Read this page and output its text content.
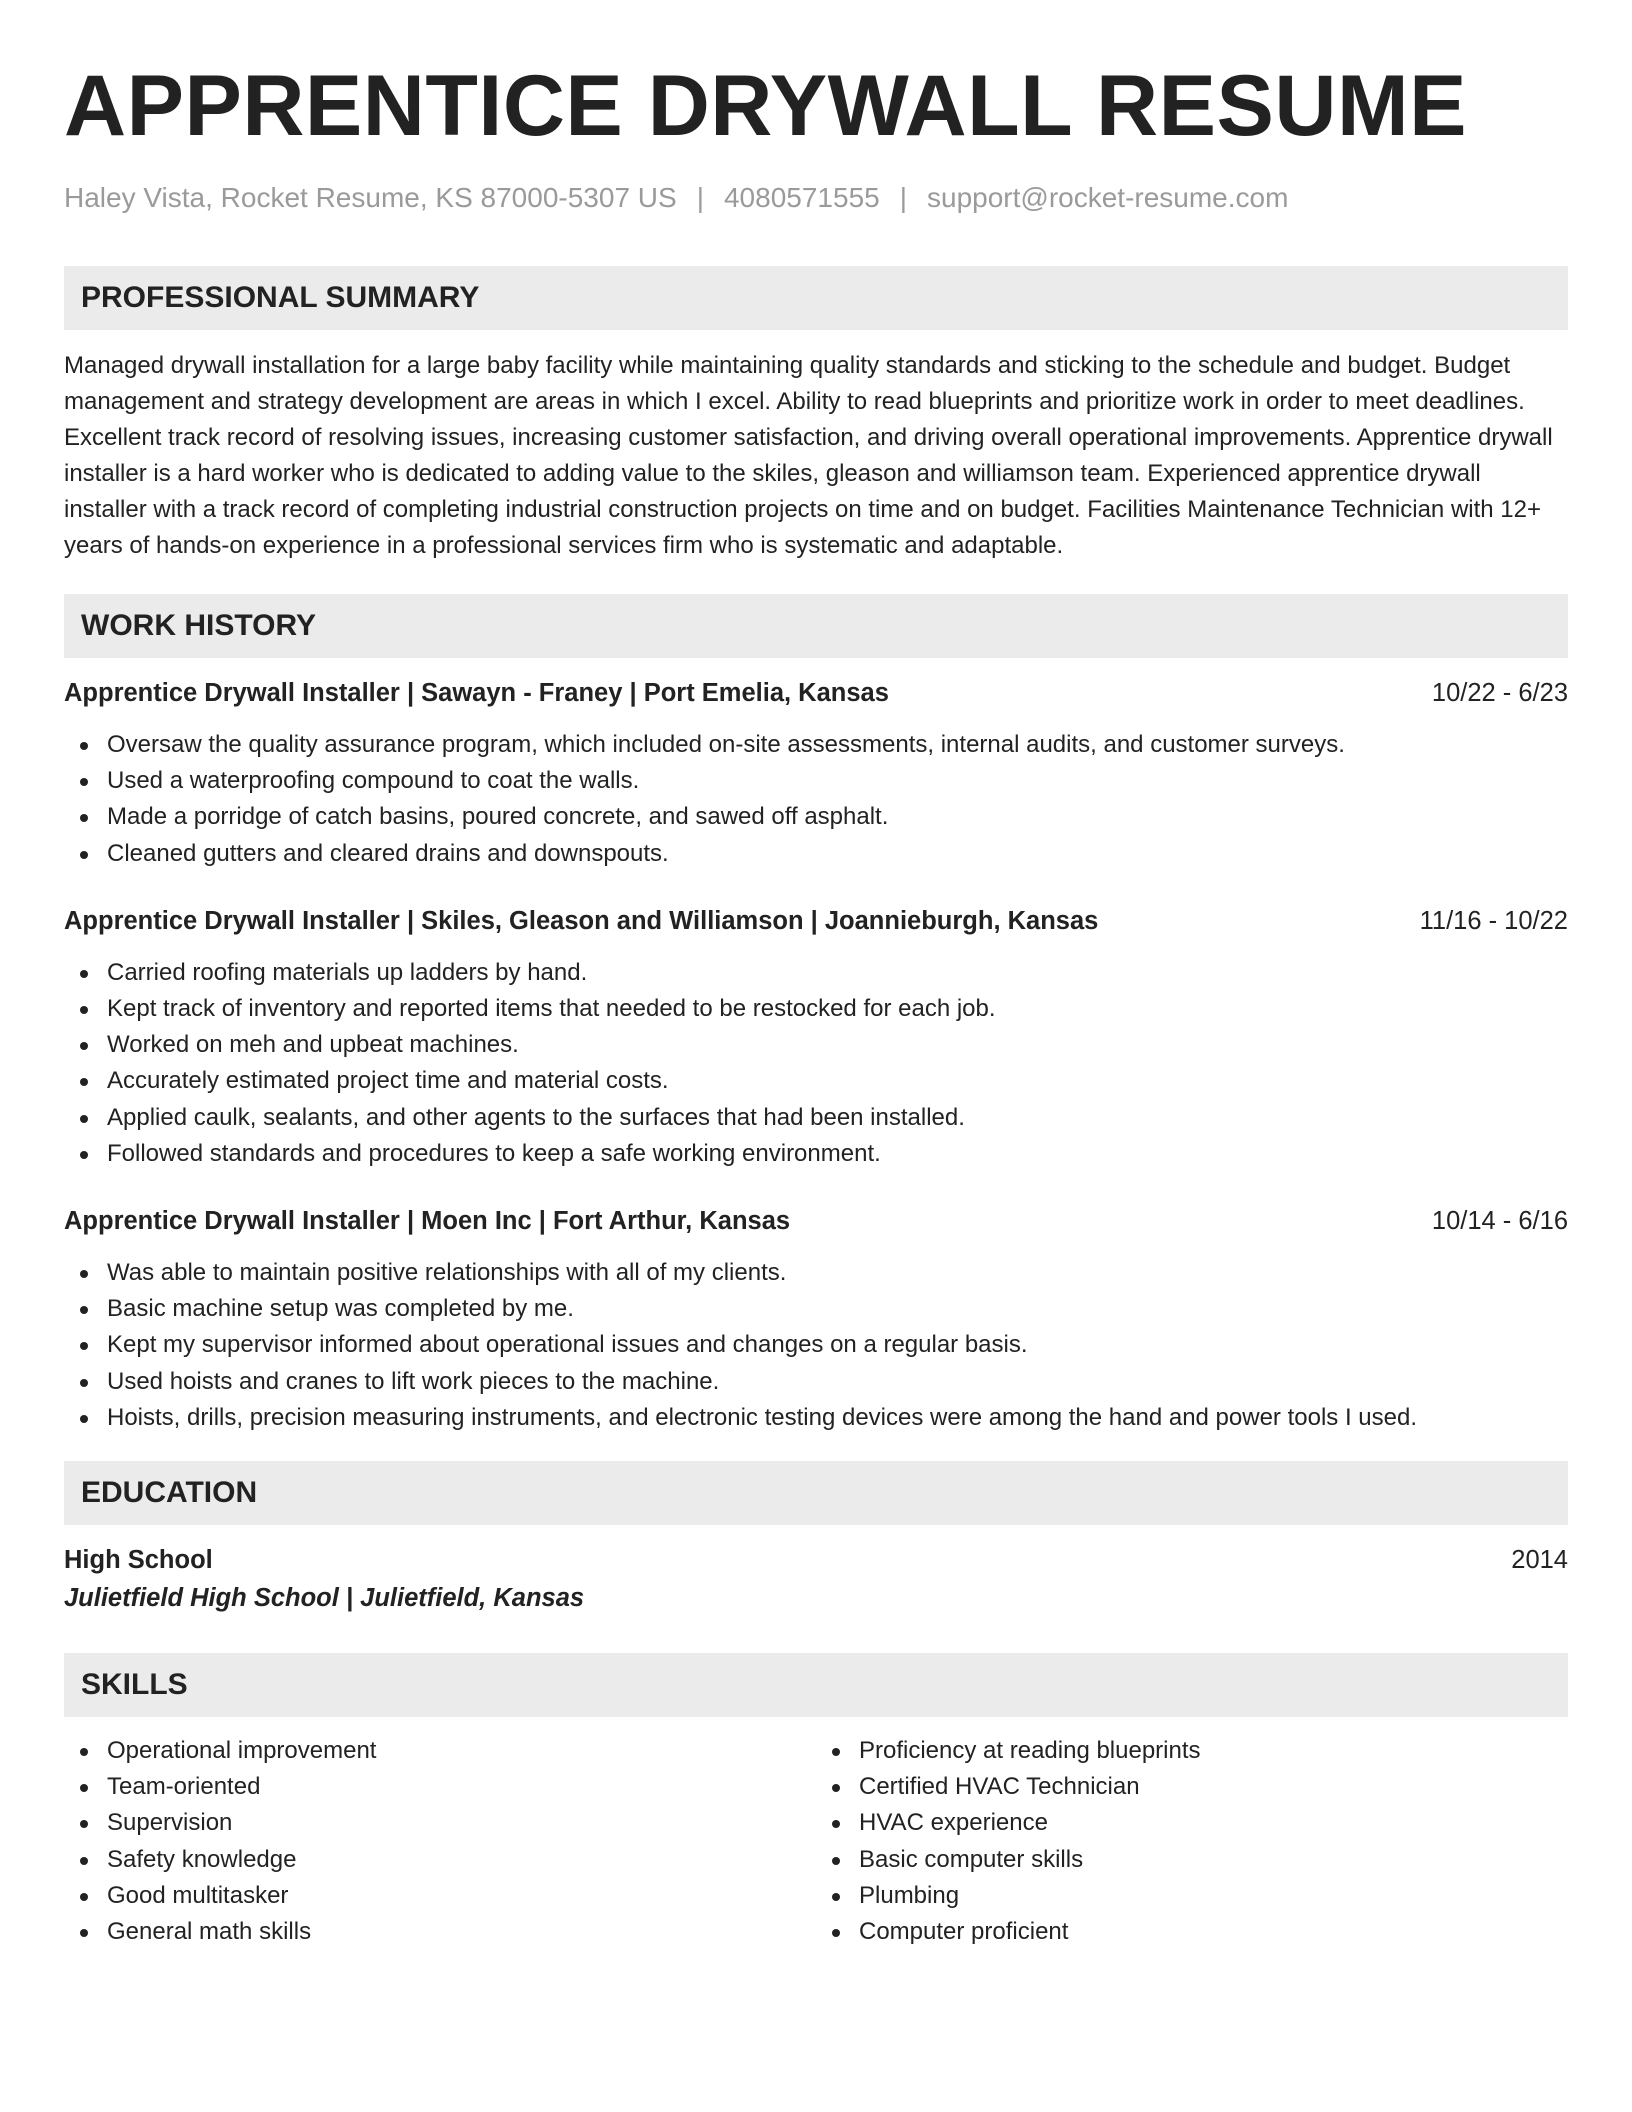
APPRENTICE DRYWALL RESUME
Haley Vista, Rocket Resume, KS 87000-5307 US | 4080571555 | support@rocket-resume.com
PROFESSIONAL SUMMARY

Managed drywall installation for a large baby facility while maintaining quality standards and sticking to the schedule and budget. Budget management and strategy development are areas in which I excel. Ability to read blueprints and prioritize work in order to meet deadlines. Excellent track record of resolving issues, increasing customer satisfaction, and driving overall operational improvements. Apprentice drywall installer is a hard worker who is dedicated to adding value to the skiles, gleason and williamson team. Experienced apprentice drywall installer with a track record of completing industrial construction projects on time and on budget. Facilities Maintenance Technician with 12+ years of hands-on experience in a professional services firm who is systematic and adaptable.

WORK HISTORY
Apprentice Drywall Installer | Sawayn - Franey | Port Emelia, Kansas	10/22 - 6/23
Oversaw the quality assurance program, which included on-site assessments, internal audits, and customer surveys.
Used a waterproofing compound to coat the walls.
Made a porridge of catch basins, poured concrete, and sawed off asphalt.
Cleaned gutters and cleared drains and downspouts.
Apprentice Drywall Installer | Skiles, Gleason and Williamson | Joannieburgh, Kansas	11/16 - 10/22
Carried roofing materials up ladders by hand.
Kept track of inventory and reported items that needed to be restocked for each job.
Worked on meh and upbeat machines.
Accurately estimated project time and material costs.
Applied caulk, sealants, and other agents to the surfaces that had been installed.
Followed standards and procedures to keep a safe working environment.
Apprentice Drywall Installer | Moen Inc | Fort Arthur, Kansas	10/14 - 6/16
Was able to maintain positive relationships with all of my clients.
Basic machine setup was completed by me.
Kept my supervisor informed about operational issues and changes on a regular basis.
Used hoists and cranes to lift work pieces to the machine.
Hoists, drills, precision measuring instruments, and electronic testing devices were among the hand and power tools I used.
EDUCATION
High School	2014
Julietfield High School | Julietfield, Kansas
SKILLS
Operational improvement
Team-oriented
Supervision
Safety knowledge
Good multitasker
General math skills
Proficiency at reading blueprints
Certified HVAC Technician
HVAC experience
Basic computer skills
Plumbing
Computer proficient
